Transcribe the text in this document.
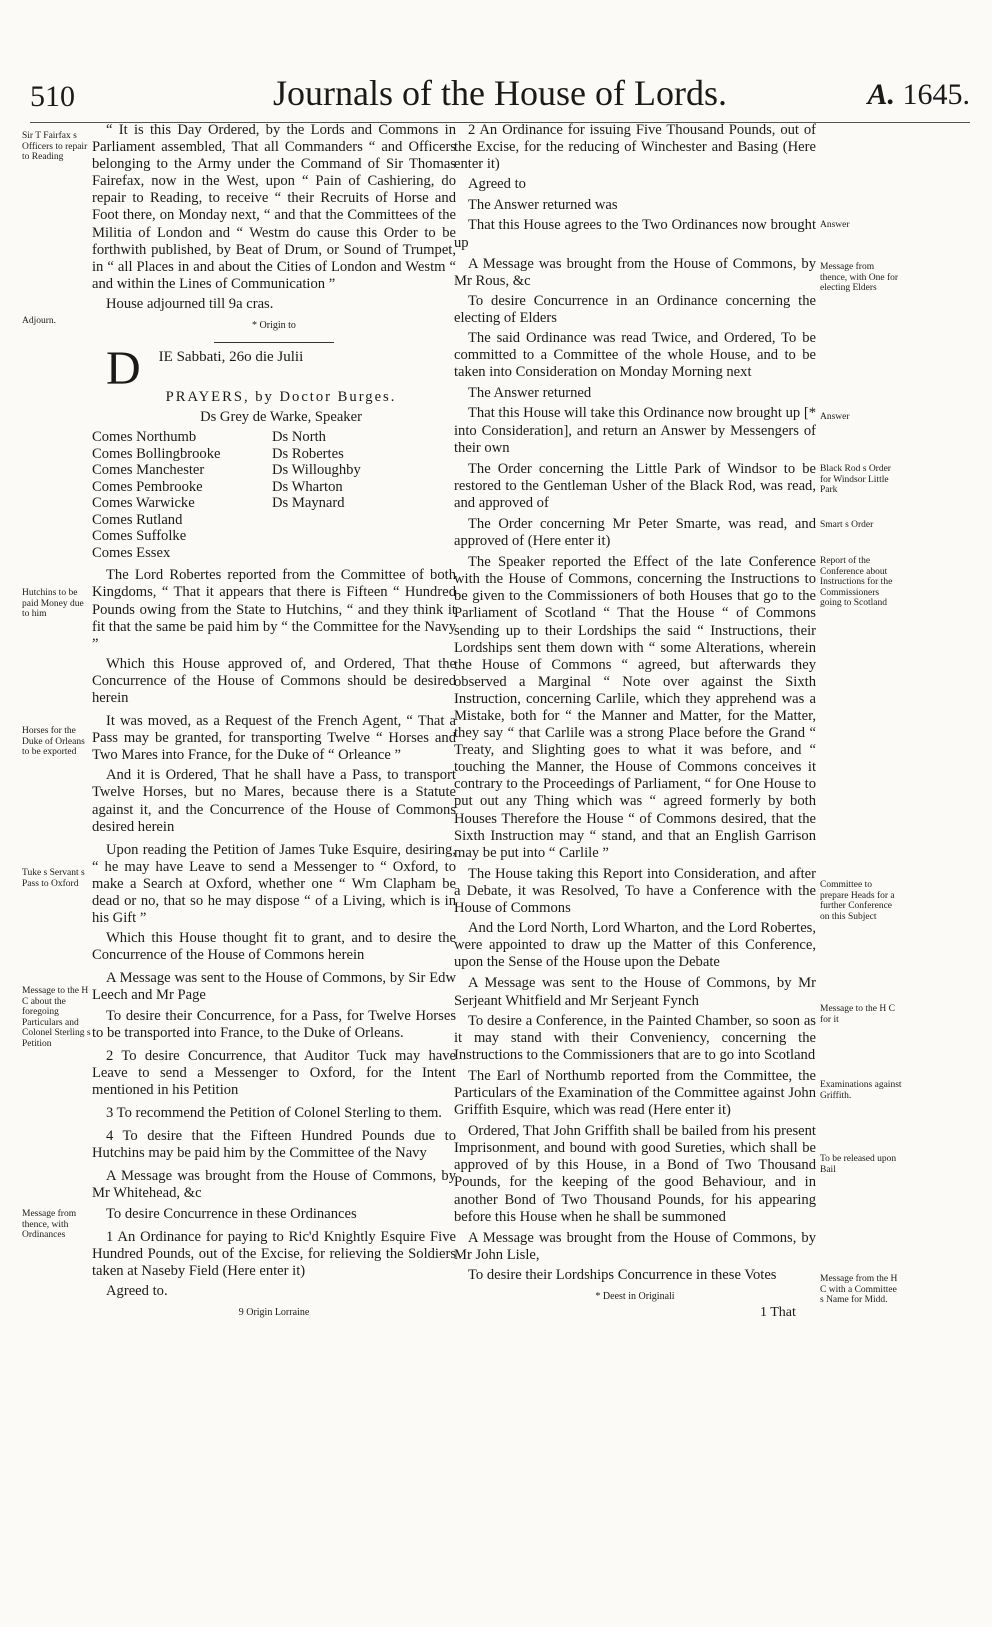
510	Journals of the House of Lords.	A. 1645.
Sir T Fairfax s Officers to repair to Reading
Adjourn.
Hutchins to be paid Money due to him
Horses for the Duke of Orleans to be exported
Tuke s Servant s Pass to Oxford
Message to the H C about the foregoing Particulars and Colonel Sterling s Petition
Message from thence, with Ordinances
Answer
Message from thence, with One for electing Elders
Answer
Black Rod s Order for Windsor Little Park
Smart s Order
Report of the Conference about Instructions for the Commissioners going to Scotland
Committee to prepare Heads for a further Conference on this Subject
Message to the H C for it
Examinations against Griffith.
To be released upon Bail
Message from the H C with a Committee s Name for Midd.

“ It is this Day Ordered, by the Lords and Commons in Parliament assembled, That all Commanders “ and Officers belonging to the Army under the Command of Sir Thomas Fairefax, now in the West, upon “ Pain of Cashiering, do repair to Reading, to receive “ their Recruits of Horse and Foot there, on Monday next, “ and that the Committees of the Militia of London and “ Westm do cause this Order to be forthwith published, by Beat of Drum, or Sound of Trumpet, in “ all Places in and about the Cities of London and Westm “ and within the Lines of Communication ”

House adjourned till 9a cras.

* Origin to

D IE Sabbati, 26o die Julii

PRAYERS, by Doctor Burges.

Ds Grey de Warke, Speaker

Comes Northumb
Comes Bollingbrooke
Comes Manchester
Comes Pembrooke
Comes Warwicke
Comes Rutland
Comes Suffolke
Comes Essex
Ds North
Ds Robertes
Ds Willoughby
Ds Wharton
Ds Maynard

The Lord Robertes reported from the Committee of both Kingdoms, “ That it appears that there is Fifteen “ Hundred Pounds owing from the State to Hutchins, “ and they think it fit that the same be paid him by “ the Committee for the Navy ”

Which this House approved of, and Ordered, That the Concurrence of the House of Commons should be desired herein

It was moved, as a Request of the French Agent, “ That a Pass may be granted, for transporting Twelve “ Horses and Two Mares into France, for the Duke of “ Orleance ”

And it is Ordered, That he shall have a Pass, to transport Twelve Horses, but no Mares, because there is a Statute against it, and the Concurrence of the House of Commons desired herein

Upon reading the Petition of James Tuke Esquire, desiring, “ he may have Leave to send a Messenger to “ Oxford, to make a Search at Oxford, whether one “ Wm Clapham be dead or no, that so he may dispose “ of a Living, which is in his Gift ”

Which this House thought fit to grant, and to desire the Concurrence of the House of Commons herein

A Message was sent to the House of Commons, by Sir Edw Leech and Mr Page

To desire their Concurrence, for a Pass, for Twelve Horses to be transported into France, to the Duke of Orleans.

2 To desire Concurrence, that Auditor Tuck may have Leave to send a Messenger to Oxford, for the Intent mentioned in his Petition

3 To recommend the Petition of Colonel Sterling to them.

4 To desire that the Fifteen Hundred Pounds due to Hutchins may be paid him by the Committee of the Navy

A Message was brought from the House of Commons, by Mr Whitehead, &c

To desire Concurrence in these Ordinances

1 An Ordinance for paying to Ric'd Knightly Esquire Five Hundred Pounds, out of the Excise, for relieving the Soldiers taken at Naseby Field (Here enter it)

Agreed to.

9 Origin Lorraine

2 An Ordinance for issuing Five Thousand Pounds, out of the Excise, for the reducing of Winchester and Basing (Here enter it)

Agreed to

The Answer returned was

That this House agrees to the Two Ordinances now brought up

A Message was brought from the House of Commons, by Mr Rous, &c

To desire Concurrence in an Ordinance concerning the electing of Elders

The said Ordinance was read Twice, and Ordered, To be committed to a Committee of the whole House, and to be taken into Consideration on Monday Morning next

The Answer returned

That this House will take this Ordinance now brought up [* into Consideration], and return an Answer by Messengers of their own

The Order concerning the Little Park of Windsor to be restored to the Gentleman Usher of the Black Rod, was read, and approved of

The Order concerning Mr Peter Smarte, was read, and approved of (Here enter it)

The Speaker reported the Effect of the late Conference with the House of Commons, concerning the Instructions to be given to the Commissioners of both Houses that go to the Parliament of Scotland “ That the House “ of Commons sending up to their Lordships the said “ Instructions, their Lordships sent them down with “ some Alterations, wherein the House of Commons “ agreed, but afterwards they observed a Marginal “ Note over against the Sixth Instruction, concerning Carlile, which they apprehend was a Mistake, both for “ the Manner and Matter, for the Matter, they say “ that Carlile was a strong Place before the Grand “ Treaty, and Slighting goes to what it was before, and “ touching the Manner, the House of Commons conceives it contrary to the Proceedings of Parliament, “ for One House to put out any Thing which was “ agreed formerly by both Houses Therefore the House “ of Commons desired, that the Sixth Instruction may “ stand, and that an English Garrison may be put into “ Carlile ”

The House taking this Report into Consideration, and after a Debate, it was Resolved, To have a Conference with the House of Commons

And the Lord North, Lord Wharton, and the Lord Robertes, were appointed to draw up the Matter of this Conference, upon the Sense of the House upon the Debate

A Message was sent to the House of Commons, by Mr Serjeant Whitfield and Mr Serjeant Fynch

To desire a Conference, in the Painted Chamber, so soon as it may stand with their Conveniency, concerning the Instructions to the Commissioners that are to go into Scotland

The Earl of Northumb reported from the Committee, the Particulars of the Examination of the Committee against John Griffith Esquire, which was read (Here enter it)

Ordered, That John Griffith shall be bailed from his present Imprisonment, and bound with good Sureties, which shall be approved of by this House, in a Bond of Two Thousand Pounds, for the keeping of the good Behaviour, and in another Bond of Two Thousand Pounds, for his appearing before this House when he shall be summoned

A Message was brought from the House of Commons, by Mr John Lisle,

To desire their Lordships Concurrence in these Votes

* Deest in Originali
1 That
